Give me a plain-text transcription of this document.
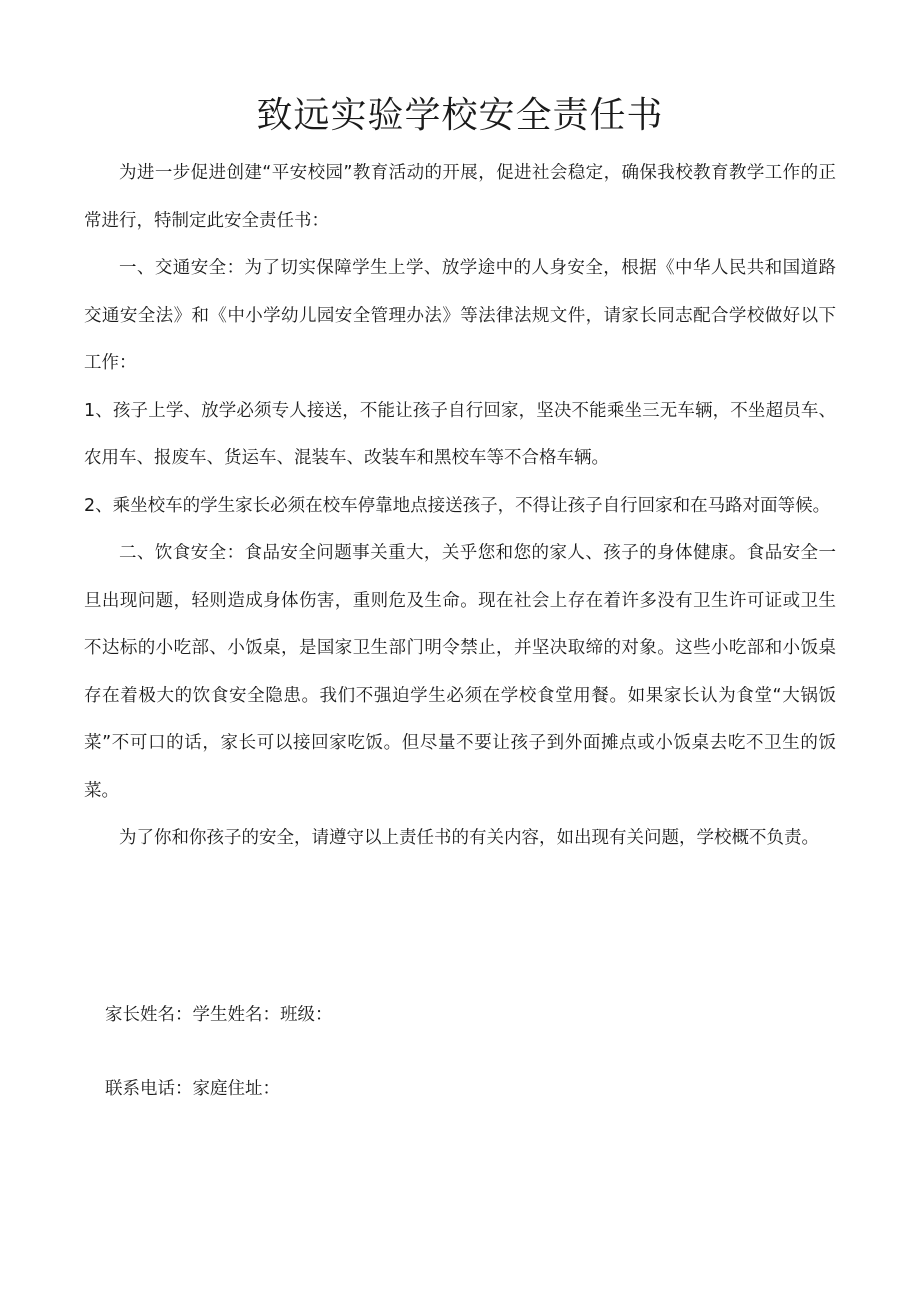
致远实验学校安全责任书

为进一步促进创建“平安校园”教育活动的开展，促进社会稳定，确保我校教育教学工作的正常进行，特制定此安全责任书：

一、交通安全：为了切实保障学生上学、放学途中的人身安全，根据《中华人民共和国道路交通安全法》和《中小学幼儿园安全管理办法》等法律法规文件，请家长同志配合学校做好以下工作：

1、孩子上学、放学必须专人接送，不能让孩子自行回家，坚决不能乘坐三无车辆，不坐超员车、农用车、报废车、货运车、混装车、改装车和黑校车等不合格车辆。

2、乘坐校车的学生家长必须在校车停靠地点接送孩子，不得让孩子自行回家和在马路对面等候。

二、饮食安全：食品安全问题事关重大，关乎您和您的家人、孩子的身体健康。食品安全一旦出现问题，轻则造成身体伤害，重则危及生命。现在社会上存在着许多没有卫生许可证或卫生不达标的小吃部、小饭桌，是国家卫生部门明令禁止，并坚决取缔的对象。这些小吃部和小饭桌存在着极大的饮食安全隐患。我们不强迫学生必须在学校食堂用餐。如果家长认为食堂“大锅饭菜”不可口的话，家长可以接回家吃饭。但尽量不要让孩子到外面摊点或小饭桌去吃不卫生的饭菜。

为了你和你孩子的安全，请遵守以上责任书的有关内容，如出现有关问题，学校概不负责。

家长姓名：学生姓名：班级：
联系电话：家庭住址：
